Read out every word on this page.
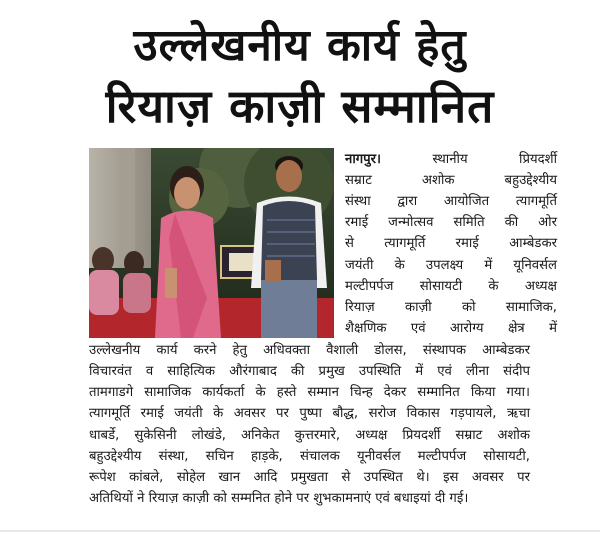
उल्लेखनीय कार्य हेतु
रियाज़ काज़ी सम्मानित
नागपुर।	स्थानीय प्रियदर्शी
सम्राट अशोक बहुउद्देश्यीय
संस्था द्वारा आयोजित त्यागमूर्ति
रमाई जन्मोत्सव समिति की ओर
से त्यागमूर्ति रमाई आम्बेडकर
जयंती के उपलक्ष्य में यूनिवर्सल
मल्टीपर्पज सोसायटी के अध्यक्ष
रियाज़ काज़ी को सामाजिक,
शैक्षणिक एवं आरोग्य क्षेत्र में
उल्लेखनीय कार्य करने हेतु अधिवक्ता वैशाली डोलस, संस्थापक आम्बेडकर
विचारवंत व साहित्यिक औरंगाबाद की प्रमुख उपस्थिति में एवं लीना संदीप
तामगाडगे सामाजिक कार्यकर्ता के हस्ते सम्मान चिन्ह देकर सम्मानित किया गया।
त्यागमूर्ति रमाई जयंती के अवसर पर पुष्पा बौद्ध, सरोज विकास गड़पायले, ऋचा
धाबर्डे, सुकेसिनी लोखंडे, अनिकेत कुत्तरमारे, अध्यक्ष प्रियदर्शी सम्राट अशोक
बहुउद्देश्यीय संस्था, सचिन हाड़के, संचालक यूनीवर्सल मल्टीपर्पज सोसायटी,
रूपेश कांबले, सोहेल खान आदि प्रमुखता से उपस्थित थे। इस अवसर पर
अतिथियों ने रियाज़ काज़ी को सम्मनित होने पर शुभकामनाएं एवं बधाइयां दी गई।
